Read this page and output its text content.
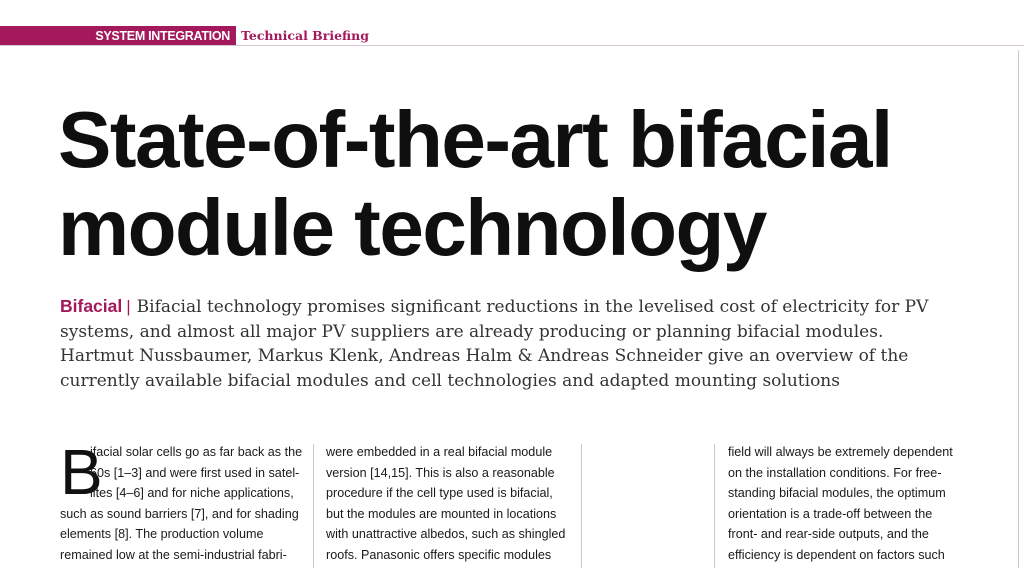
SYSTEM INTEGRATION Technical Briefing
State-of-the-art bifacial
module technology
Bifacial | Bifacial technology promises significant reductions in the levelised cost of electricity for PV
systems, and almost all major PV suppliers are already producing or planning bifacial modules.
Hartmut Nussbaumer, Markus Klenk, Andreas Halm & Andreas Schneider give an overview of the
currently available bifacial modules and cell technologies and adapted mounting solutions
B
ifacial solar cells go as far back as the
60s [1–3] and were first used in satel-
lites [4–6] and for niche applications,
such as sound barriers [7], and for shading
elements [8]. The production volume
remained low at the semi-industrial fabri-
were embedded in a real bifacial module
version [14,15]. This is also a reasonable
procedure if the cell type used is bifacial,
but the modules are mounted in locations
with unattractive albedos, such as shingled
roofs. Panasonic offers specific modules
field will always be extremely dependent
on the installation conditions. For free-
standing bifacial modules, the optimum
orientation is a trade-off between the
front- and rear-side outputs, and the
efficiency is dependent on factors such
